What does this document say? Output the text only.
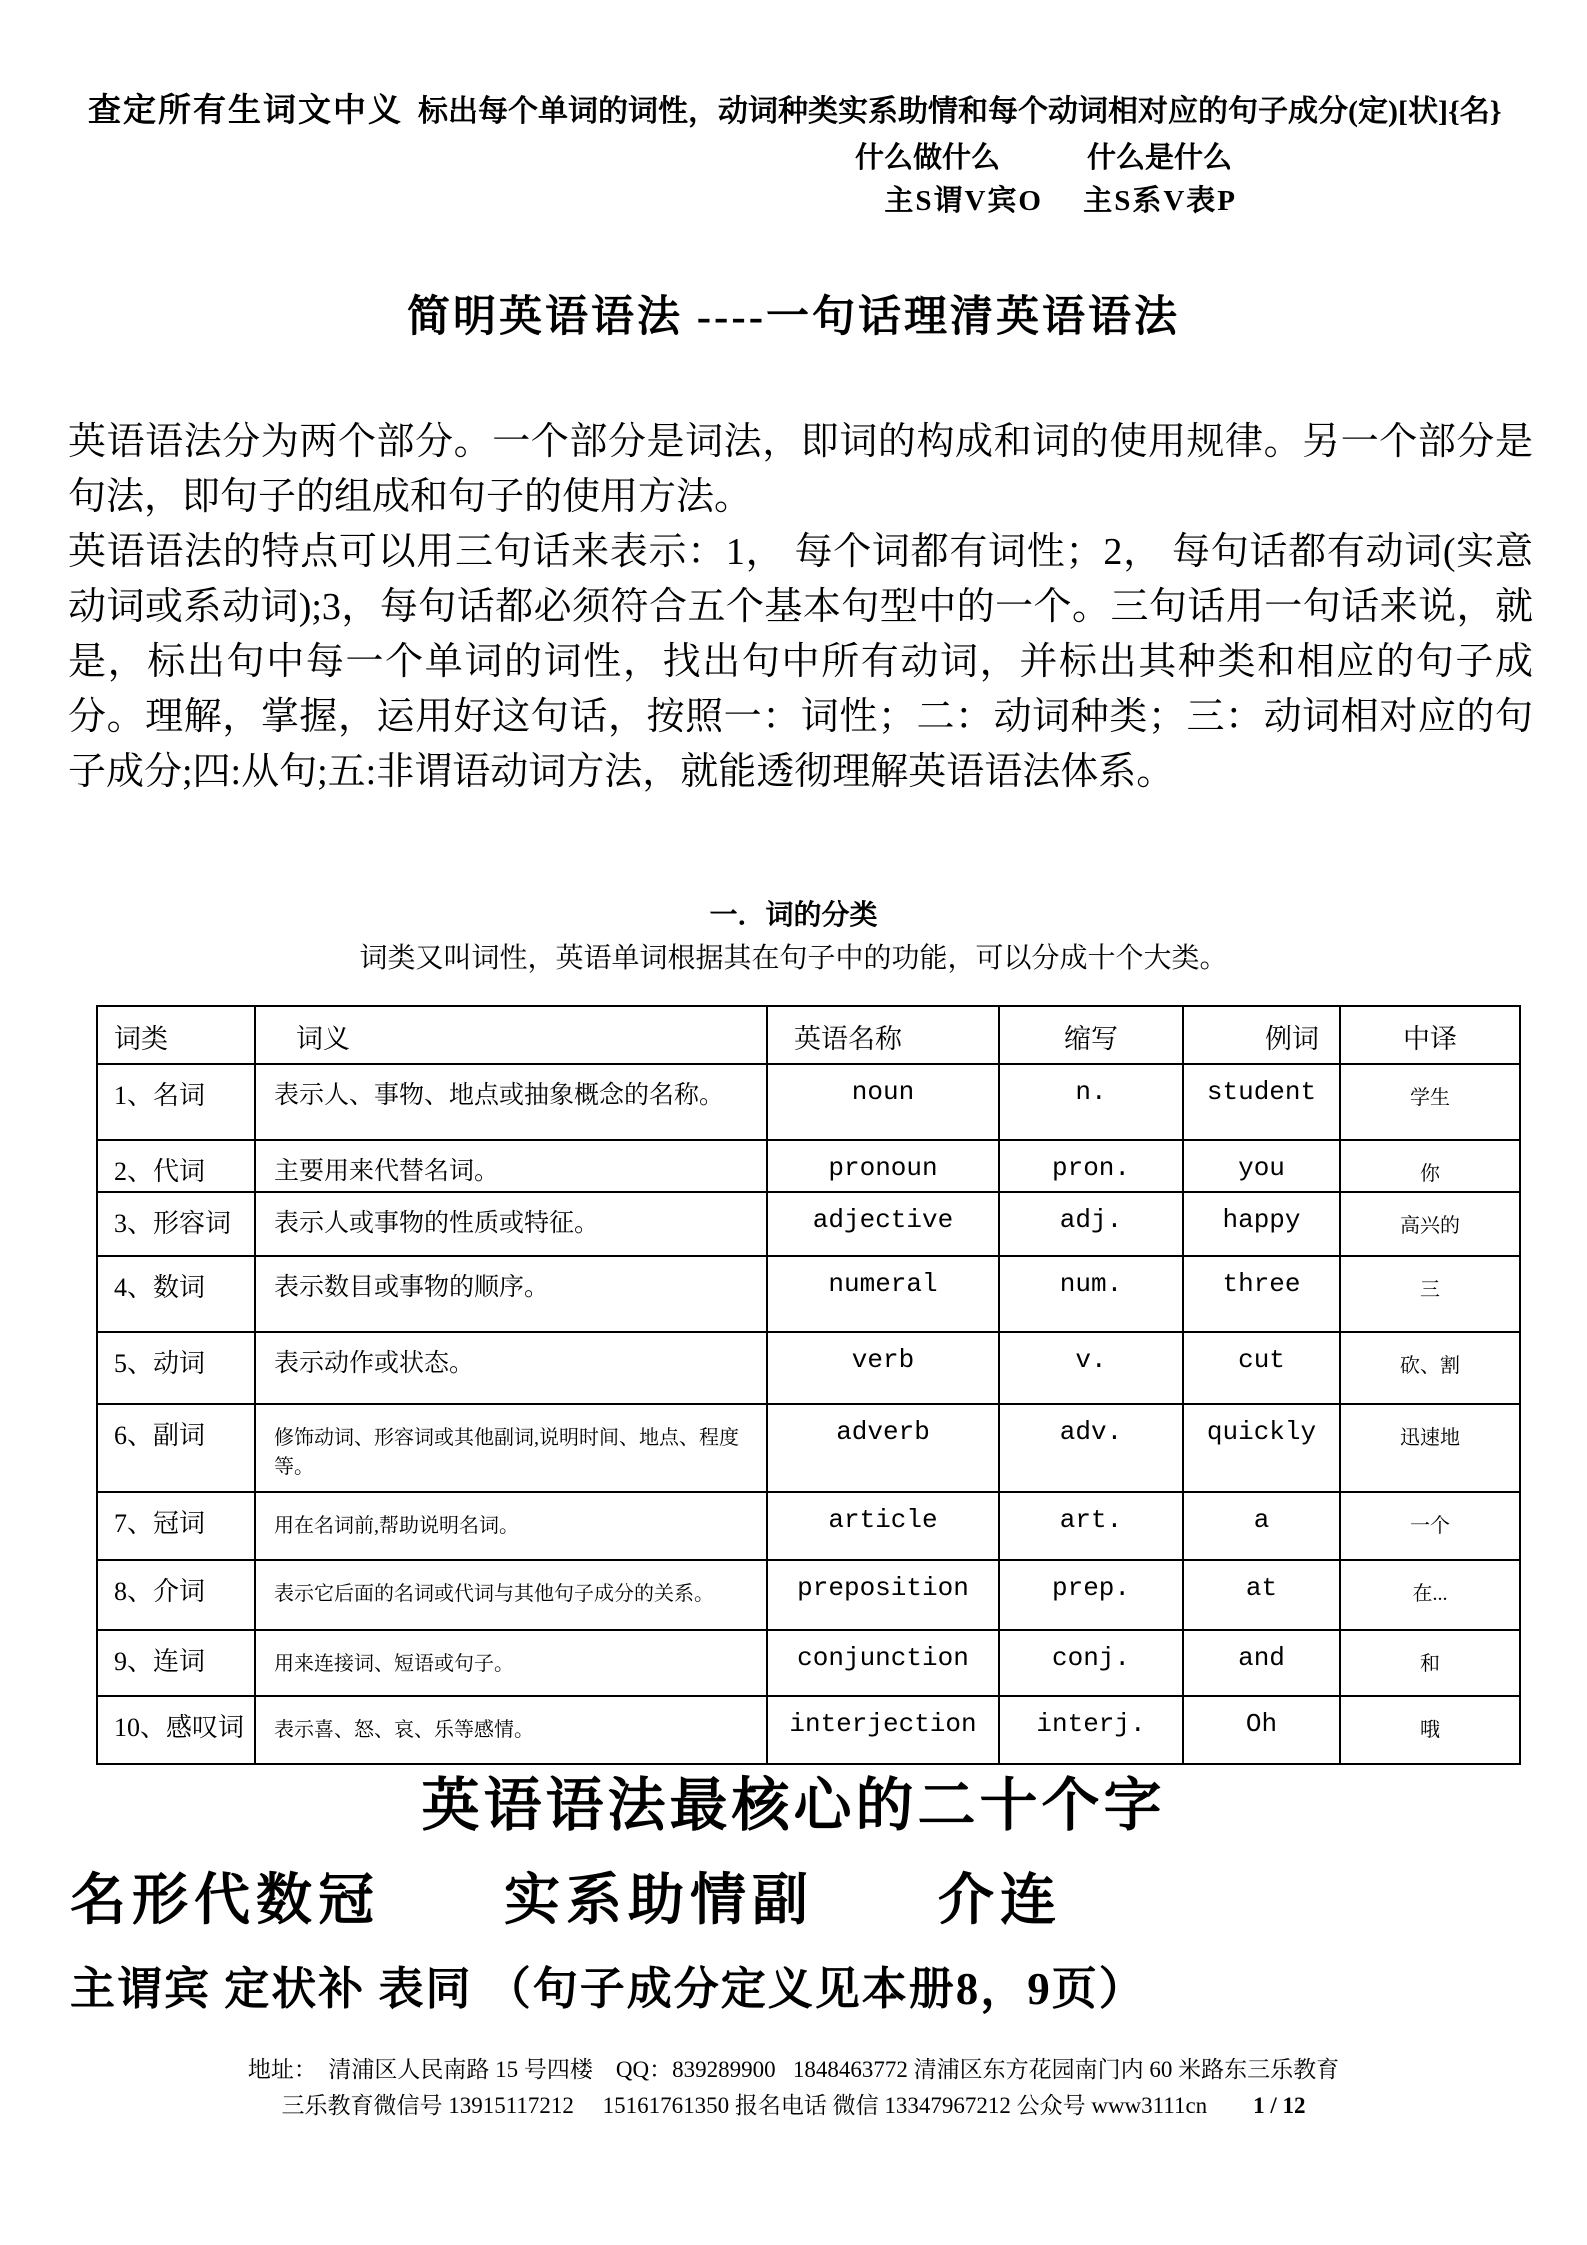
查定所有生词文中义 标出每个单词的词性，动词种类实系助情和每个动词相对应的句子成分(定)[状]{名}
什么做什么　　　什么是什么
主S谓V宾O　 主S系V表P
简明英语语法 ----一句话理清英语语法

英语语法分为两个部分。一个部分是词法，即词的构成和词的使用规律。另一个部分是句法，即句子的组成和句子的使用方法。

英语语法的特点可以用三句话来表示：1， 每个词都有词性；2， 每句话都有动词(实意动词或系动词);3，每句话都必须符合五个基本句型中的一个。三句话用一句话来说，就是，标出句中每一个单词的词性，找出句中所有动词，并标出其种类和相应的句子成分。理解，掌握，运用好这句话，按照一：词性；二：动词种类；三：动词相对应的句子成分;四:从句;五:非谓语动词方法，就能透彻理解英语语法体系。

一．词的分类
词类又叫词性，英语单词根据其在句子中的功能，可以分成十个大类。
词类	词义	英语名称	缩写	例词	中译
1、名词	表示人、事物、地点或抽象概念的名称。	noun	n.	student	学生
2、代词	主要用来代替名词。	pronoun	pron.	you	你
3、形容词	表示人或事物的性质或特征。	adjective	adj.	happy	高兴的
4、数词	表示数目或事物的顺序。	numeral	num.	three	三
5、动词	表示动作或状态。	verb	v.	cut	砍、割
6、副词	修饰动词、形容词或其他副词,说明时间、地点、程度等。	adverb	adv.	quickly	迅速地
7、冠词	用在名词前,帮助说明名词。	article	art.	a	一个
8、介词	表示它后面的名词或代词与其他句子成分的关系。	preposition	prep.	at	在...
9、连词	用来连接词、短语或句子。	conjunction	conj.	and	和
10、感叹词	表示喜、怒、哀、乐等感情。	interjection	interj.	Oh	哦
英语语法最核心的二十个字
名形代数冠　　实系助情副　　介连
主谓宾 定状补 表同 （句子成分定义见本册8，9页）
地址：  清浦区人民南路 15 号四楼    QQ：839289900   1848463772 清浦区东方花园南门内 60 米路东三乐教育
三乐教育微信号 13915117212     15161761350 报名电话 微信 13347967212 公众号 www3111cn 1 / 12
